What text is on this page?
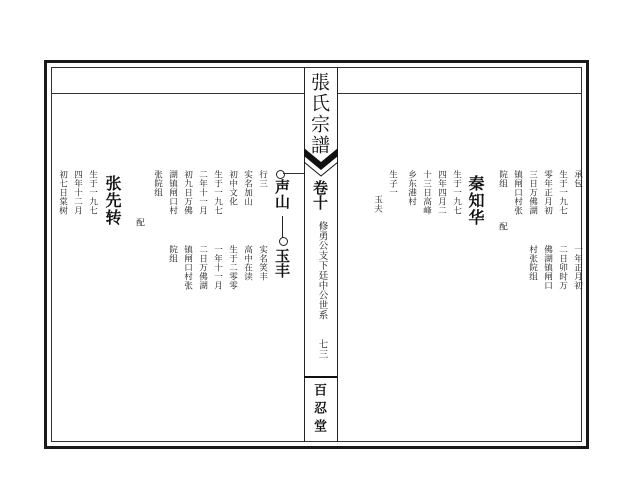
張氏宗譜
卷十
修勇公支下廷中公世系
七三
百忍堂
承包
生于一九七
零年正月初
三日万佛湖
镇闸口村张
院组
一年正月初
二日卯时万
佛湖镇闸口
村张院组
配
秦知华
生于一九七
四年四月二
十三日高峰
乡东港村
生子一
玉夫
声山
玉丰
行三
实名加山
初中文化
生于一九七
二年十一月
初九日万佛
湖镇闸口村
张院组
实名笑丰
高中在读
生于二零零
一年十一月
二日万佛湖
镇闸口村张
院组
配
张先转
生于一九七
四年十二月
初七日棠树
